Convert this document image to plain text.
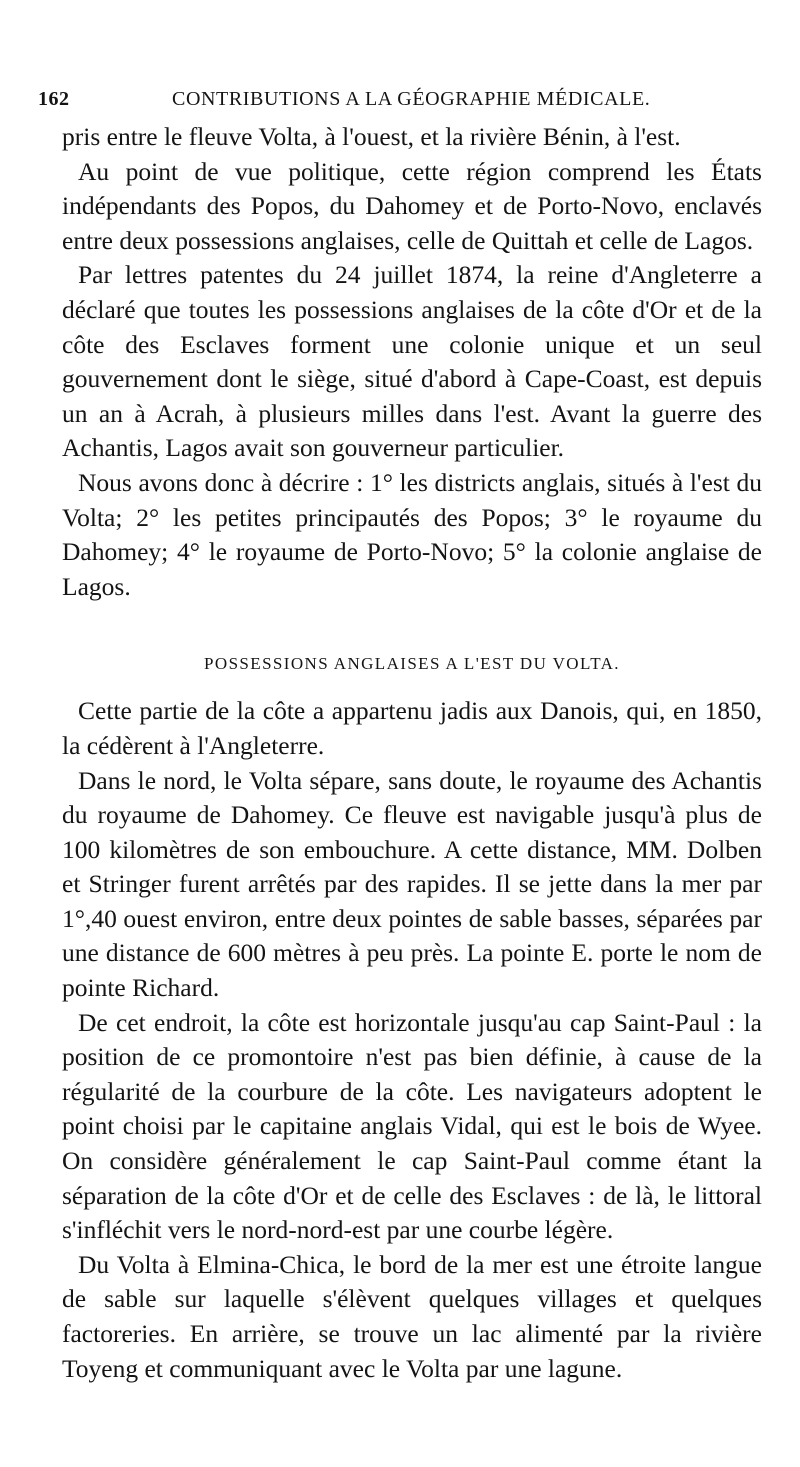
162	CONTRIBUTIONS A LA GÉOGRAPHIE MÉDICALE.

pris entre le fleuve Volta, à l'ouest, et la rivière Bénin, à l'est.

Au point de vue politique, cette région comprend les États indépendants des Popos, du Dahomey et de Porto-Novo, enclavés entre deux possessions anglaises, celle de Quittah et celle de Lagos.

Par lettres patentes du 24 juillet 1874, la reine d'Angleterre a déclaré que toutes les possessions anglaises de la côte d'Or et de la côte des Esclaves forment une colonie unique et un seul gouvernement dont le siège, situé d'abord à Cape-Coast, est depuis un an à Acrah, à plusieurs milles dans l'est. Avant la guerre des Achantis, Lagos avait son gouverneur particulier.

Nous avons donc à décrire : 1° les districts anglais, situés à l'est du Volta; 2° les petites principautés des Popos; 3° le royaume du Dahomey; 4° le royaume de Porto-Novo; 5° la colonie anglaise de Lagos.

POSSESSIONS ANGLAISES A L'EST DU VOLTA.

Cette partie de la côte a appartenu jadis aux Danois, qui, en 1850, la cédèrent à l'Angleterre.

Dans le nord, le Volta sépare, sans doute, le royaume des Achantis du royaume de Dahomey. Ce fleuve est navigable jusqu'à plus de 100 kilomètres de son embouchure. A cette distance, MM. Dolben et Stringer furent arrêtés par des rapides. Il se jette dans la mer par 1°,40 ouest environ, entre deux pointes de sable basses, séparées par une distance de 600 mètres à peu près. La pointe E. porte le nom de pointe Richard.

De cet endroit, la côte est horizontale jusqu'au cap Saint-Paul : la position de ce promontoire n'est pas bien définie, à cause de la régularité de la courbure de la côte. Les navigateurs adoptent le point choisi par le capitaine anglais Vidal, qui est le bois de Wyee. On considère généralement le cap Saint-Paul comme étant la séparation de la côte d'Or et de celle des Esclaves : de là, le littoral s'infléchit vers le nord-nord-est par une courbe légère.

Du Volta à Elmina-Chica, le bord de la mer est une étroite langue de sable sur laquelle s'élèvent quelques villages et quelques factoreries. En arrière, se trouve un lac alimenté par la rivière Toyeng et communiquant avec le Volta par une lagune.
